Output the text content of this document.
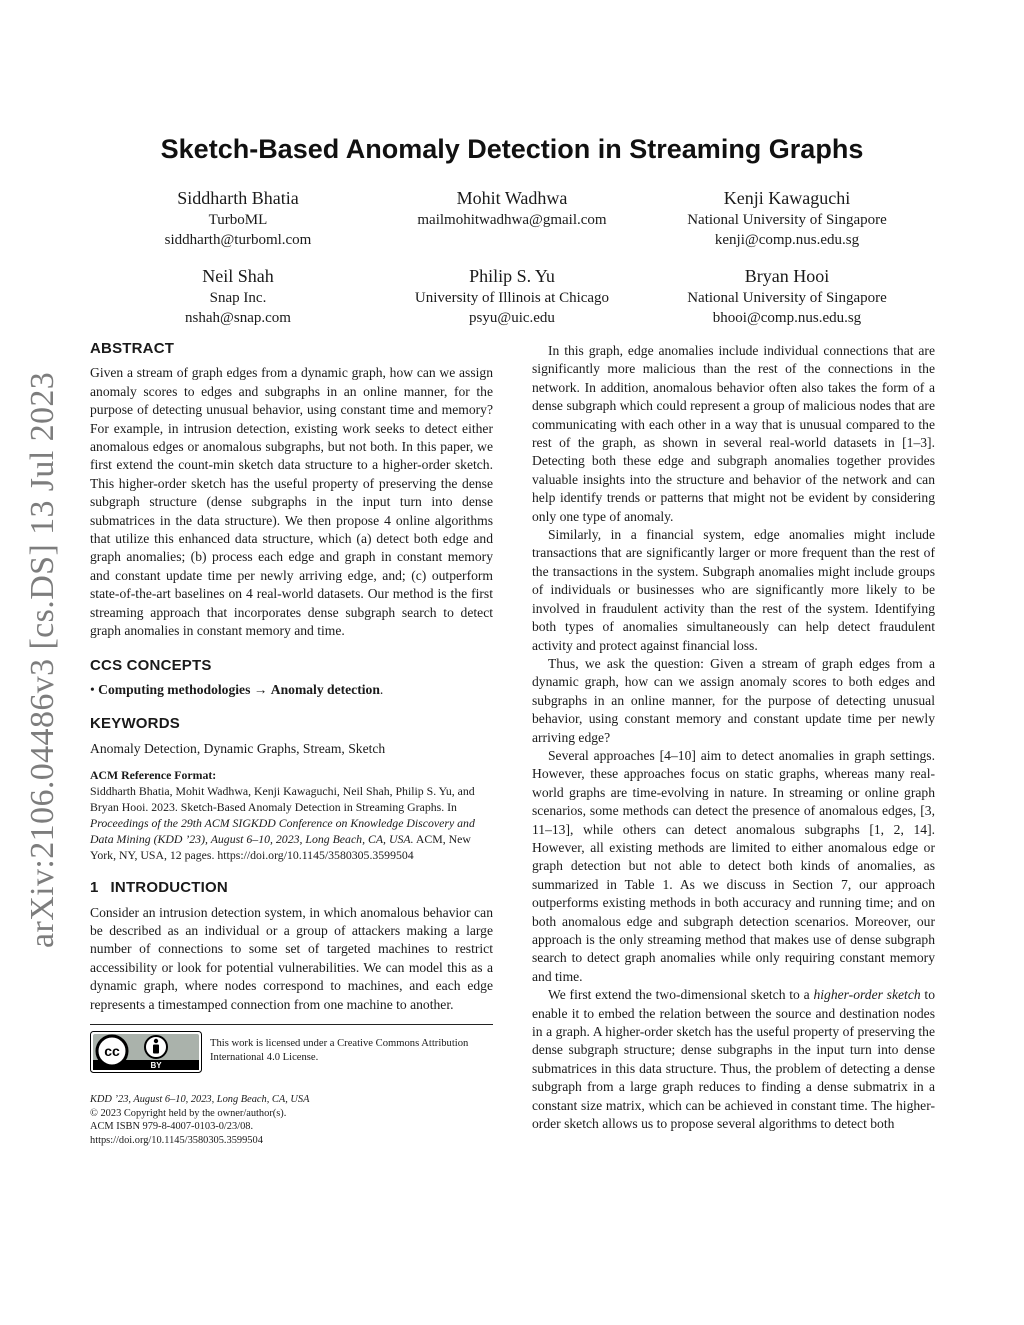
arXiv:2106.04486v3 [cs.DS] 13 Jul 2023
Sketch-Based Anomaly Detection in Streaming Graphs
Siddharth Bhatia
TurboML
siddharth@turboml.com
Mohit Wadhwa
mailmohitwadhwa@gmail.com
Kenji Kawaguchi
National University of Singapore
kenji@comp.nus.edu.sg
Neil Shah
Snap Inc.
nshah@snap.com
Philip S. Yu
University of Illinois at Chicago
psyu@uic.edu
Bryan Hooi
National University of Singapore
bhooi@comp.nus.edu.sg
ABSTRACT

Given a stream of graph edges from a dynamic graph, how can we assign anomaly scores to edges and subgraphs in an online manner, for the purpose of detecting unusual behavior, using constant time and memory? For example, in intrusion detection, existing work seeks to detect either anomalous edges or anomalous subgraphs, but not both. In this paper, we first extend the count-min sketch data structure to a higher-order sketch. This higher-order sketch has the useful property of preserving the dense subgraph structure (dense subgraphs in the input turn into dense submatrices in the data structure). We then propose 4 online algorithms that utilize this enhanced data structure, which (a) detect both edge and graph anomalies; (b) process each edge and graph in constant memory and constant update time per newly arriving edge, and; (c) outperform state-of-the-art baselines on 4 real-world datasets. Our method is the first streaming approach that incorporates dense subgraph search to detect graph anomalies in constant memory and time.

CCS CONCEPTS
• Computing methodologies → Anomaly detection.
KEYWORDS

Anomaly Detection, Dynamic Graphs, Stream, Sketch

ACM Reference Format:

Siddharth Bhatia, Mohit Wadhwa, Kenji Kawaguchi, Neil Shah, Philip S. Yu, and Bryan Hooi. 2023. Sketch-Based Anomaly Detection in Streaming Graphs. In Proceedings of the 29th ACM SIGKDD Conference on Knowledge Discovery and Data Mining (KDD ’23), August 6–10, 2023, Long Beach, CA, USA. ACM, New York, NY, USA, 12 pages. https://doi.org/10.1145/3580305.3599504

1 INTRODUCTION

Consider an intrusion detection system, in which anomalous behavior can be described as an individual or a group of attackers making a large number of connections to some set of targeted machines to restrict accessibility or look for potential vulnerabilities. We can model this as a dynamic graph, where nodes correspond to machines, and each edge represents a timestamped connection from one machine to another.

cc
BY
This work is licensed under a Creative Commons Attribution International 4.0 License.
KDD ’23, August 6–10, 2023, Long Beach, CA, USA
© 2023 Copyright held by the owner/author(s).
ACM ISBN 979-8-4007-0103-0/23/08.
https://doi.org/10.1145/3580305.3599504

In this graph, edge anomalies include individual connections that are significantly more malicious than the rest of the connections in the network. In addition, anomalous behavior often also takes the form of a dense subgraph which could represent a group of malicious nodes that are communicating with each other in a way that is unusual compared to the rest of the graph, as shown in several real-world datasets in [1–3]. Detecting both these edge and subgraph anomalies together provides valuable insights into the structure and behavior of the network and can help identify trends or patterns that might not be evident by considering only one type of anomaly.

Similarly, in a financial system, edge anomalies might include transactions that are significantly larger or more frequent than the rest of the transactions in the system. Subgraph anomalies might include groups of individuals or businesses who are significantly more likely to be involved in fraudulent activity than the rest of the system. Identifying both types of anomalies simultaneously can help detect fraudulent activity and protect against financial loss.

Thus, we ask the question: Given a stream of graph edges from a dynamic graph, how can we assign anomaly scores to both edges and subgraphs in an online manner, for the purpose of detecting unusual behavior, using constant memory and constant update time per newly arriving edge?

Several approaches [4–10] aim to detect anomalies in graph settings. However, these approaches focus on static graphs, whereas many real-world graphs are time-evolving in nature. In streaming or online graph scenarios, some methods can detect the presence of anomalous edges, [3, 11–13], while others can detect anomalous subgraphs [1, 2, 14]. However, all existing methods are limited to either anomalous edge or graph detection but not able to detect both kinds of anomalies, as summarized in Table 1. As we discuss in Section 7, our approach outperforms existing methods in both accuracy and running time; and on both anomalous edge and subgraph detection scenarios. Moreover, our approach is the only streaming method that makes use of dense subgraph search to detect graph anomalies while only requiring constant memory and time.

We first extend the two-dimensional sketch to a higher-order sketch to enable it to embed the relation between the source and destination nodes in a graph. A higher-order sketch has the useful property of preserving the dense subgraph structure; dense subgraphs in the input turn into dense submatrices in this data structure. Thus, the problem of detecting a dense subgraph from a large graph reduces to finding a dense submatrix in a constant size matrix, which can be achieved in constant time. The higher-order sketch allows us to propose several algorithms to detect both
